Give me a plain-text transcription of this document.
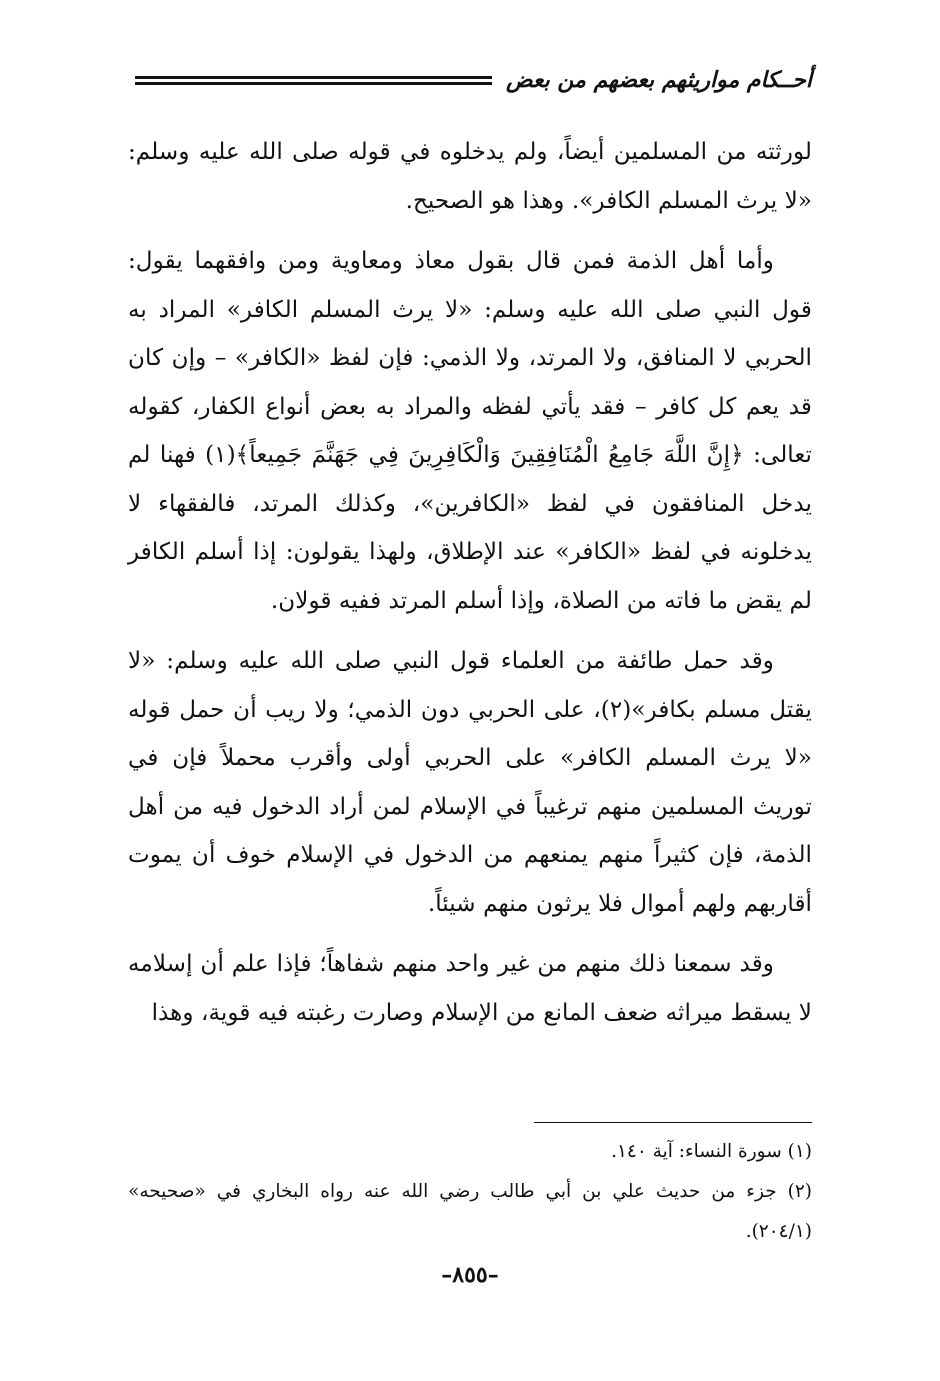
أحــكام مواريثهم بعضهم من بعض

لورثته من المسلمين أيضاً، ولم يدخلوه في قوله صلى الله عليه وسلم: «لا يرث المسلم الكافر». وهذا هو الصحيح.

وأما أهل الذمة فمن قال بقول معاذ ومعاوية ومن وافقهما يقول: قول النبي صلى الله عليه وسلم: «لا يرث المسلم الكافر» المراد به الحربي لا المنافق، ولا المرتد، ولا الذمي: فإن لفظ «الكافر» – وإن كان قد يعم كل كافر – فقد يأتي لفظه والمراد به بعض أنواع الكفار، كقوله تعالى: ﴿إِنَّ اللَّهَ جَامِعُ الْمُنَافِقِينَ وَالْكَافِرِينَ فِي جَهَنَّمَ جَمِيعاً﴾(١) فهنا لم يدخل المنافقون في لفظ «الكافرين»، وكذلك المرتد، فالفقهاء لا يدخلونه في لفظ «الكافر» عند الإطلاق، ولهذا يقولون: إذا أسلم الكافر لم يقض ما فاته من الصلاة، وإذا أسلم المرتد ففيه قولان.

وقد حمل طائفة من العلماء قول النبي صلى الله عليه وسلم: «لا يقتل مسلم بكافر»(٢)، على الحربي دون الذمي؛ ولا ريب أن حمل قوله «لا يرث المسلم الكافر» على الحربي أولى وأقرب محملاً فإن في توريث المسلمين منهم ترغيباً في الإسلام لمن أراد الدخول فيه من أهل الذمة، فإن كثيراً منهم يمنعهم من الدخول في الإسلام خوف أن يموت أقاربهم ولهم أموال فلا يرثون منهم شيئاً.

وقد سمعنا ذلك منهم من غير واحد منهم شفاهاً؛ فإذا علم أن إسلامه لا يسقط ميراثه ضعف المانع من الإسلام وصارت رغبته فيه قوية، وهذا

(١) سورة النساء: آية ١٤٠.

(٢) جزء من حديث علي بن أبي طالب رضي الله عنه رواه البخاري في «صحيحه» (٢٠٤/١).

–٨٥٥–
